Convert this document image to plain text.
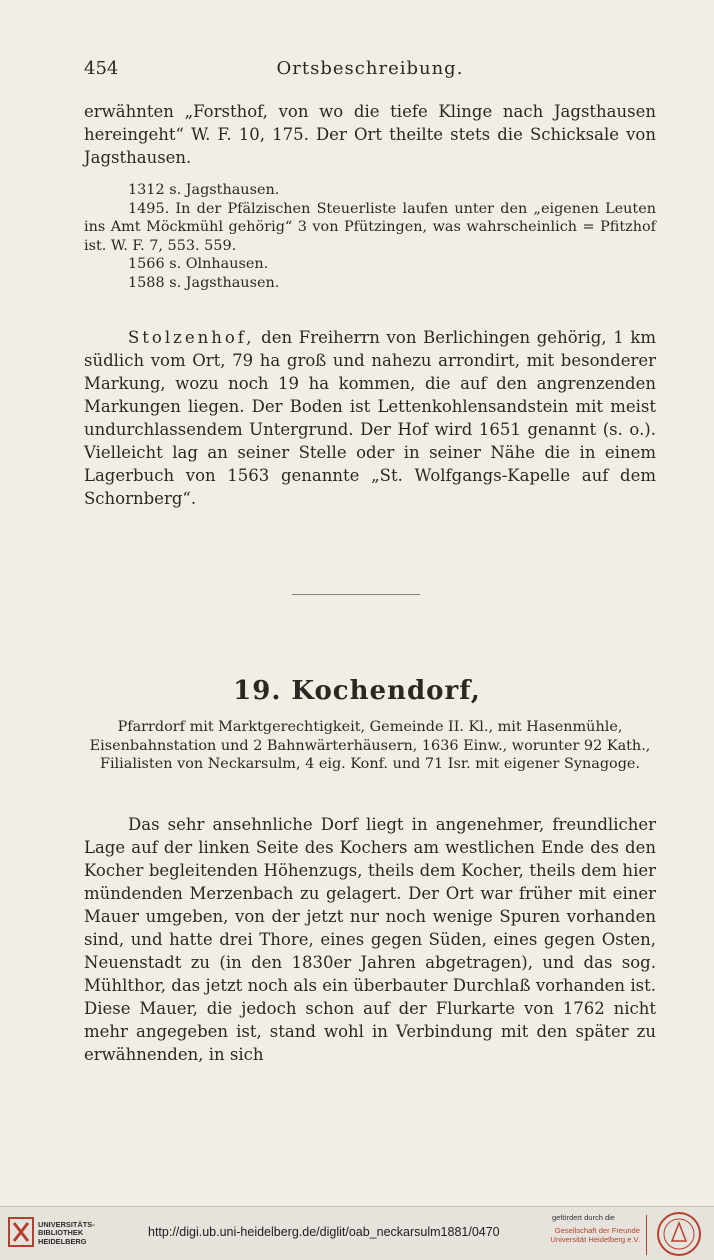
454	Ortsbeschreibung.

erwähnten „Forsthof, von wo die tiefe Klinge nach Jagsthausen hereingeht“ W. F. 10, 175. Der Ort theilte stets die Schicksale von Jagsthausen.

1312 s. Jagsthausen.

1495. In der Pfälzischen Steuerliste laufen unter den „eigenen Leuten ins Amt Möckmühl gehörig“ 3 von Pfützingen, was wahrscheinlich = Pfitzhof ist. W. F. 7, 553. 559.

1566 s. Olnhausen.

1588 s. Jagsthausen.

Stolzenhof, den Freiherrn von Berlichingen gehörig, 1 km südlich vom Ort, 79 ha groß und nahezu arrondirt, mit besonderer Markung, wozu noch 19 ha kommen, die auf den angrenzenden Markungen liegen. Der Boden ist Lettenkohlensandstein mit meist undurchlassendem Untergrund. Der Hof wird 1651 genannt (s. o.). Vielleicht lag an seiner Stelle oder in seiner Nähe die in einem Lagerbuch von 1563 genannte „St. Wolfgangs-Kapelle auf dem Schornberg“.

19. Kochendorf,
Pfarrdorf mit Marktgerechtigkeit, Gemeinde II. Kl., mit Hasenmühle, Eisenbahnstation und 2 Bahnwärterhäusern, 1636 Einw., worunter 92 Kath., Filialisten von Neckarsulm, 4 eig. Konf. und 71 Isr. mit eigener Synagoge.

Das sehr ansehnliche Dorf liegt in angenehmer, freundlicher Lage auf der linken Seite des Kochers am westlichen Ende des den Kocher begleitenden Höhenzugs, theils dem Kocher, theils dem hier mündenden Merzenbach zu gelagert. Der Ort war früher mit einer Mauer umgeben, von der jetzt nur noch wenige Spuren vorhanden sind, und hatte drei Thore, eines gegen Süden, eines gegen Osten, Neuenstadt zu (in den 1830er Jahren abgetragen), und das sog. Mühlthor, das jetzt noch als ein überbauter Durchlaß vorhanden ist. Diese Mauer, die jedoch schon auf der Flurkarte von 1762 nicht mehr angegeben ist, stand wohl in Verbindung mit den später zu erwähnenden, in sich

UNIVERSITÄTS-
BIBLIOTHEK
HEIDELBERG
http://digi.ub.uni-heidelberg.de/diglit/oab_neckarsulm1881/0470
gefördert durch die
Gesellschaft der Freunde
Universität Heidelberg e.V.
